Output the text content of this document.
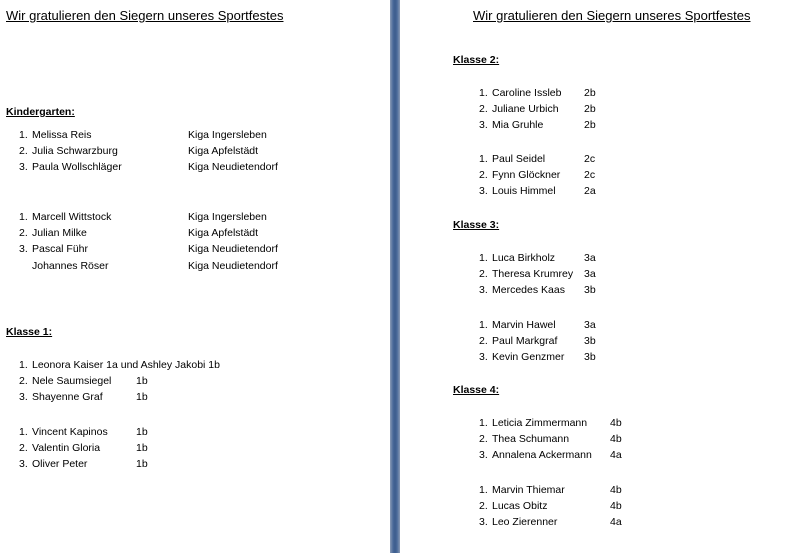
Wir gratulieren den Siegern unseres Sportfestes
Kindergarten:
1. Melissa Reis	Kiga Ingersleben
2. Julia Schwarzburg	Kiga Apfelstädt
3. Paula Wollschläger	Kiga Neudietendorf
1. Marcell Wittstock	Kiga Ingersleben
2. Julian Milke	Kiga Apfelstädt
3. Pascal Führ	Kiga Neudietendorf
Johannes Röser	Kiga Neudietendorf
Klasse 1:
1. Leonora Kaiser 1a und Ashley Jakobi 1b
2. Nele Saumsiegel 1b
3. Shayenne Graf	1b
1. Vincent Kapinos	1b
2. Valentin Gloria	1b
3. Oliver Peter	1b
Wir gratulieren den Siegern unseres Sportfestes
Klasse 2:
1. Caroline Issleb 2b
2. Juliane Urbich 2b
3. Mia Gruhle	2b
1. Paul Seidel	2c
2. Fynn Glöckner 2c
3. Louis Himmel	2a
Klasse 3:
1. Luca Birkholz	3a
2. Theresa Krumrey 3a
3. Mercedes Kaas 3b
1. Marvin Hawel	3a
2. Paul Markgraf	3b
3. Kevin Genzmer 3b
Klasse 4:
1. Leticia Zimmermann 4b
2. Thea Schumann	4b
3. Annalena Ackermann 4a
1. Marvin Thiemar	4b
2. Lucas Obitz	4b
3. Leo Zierenner	4a
